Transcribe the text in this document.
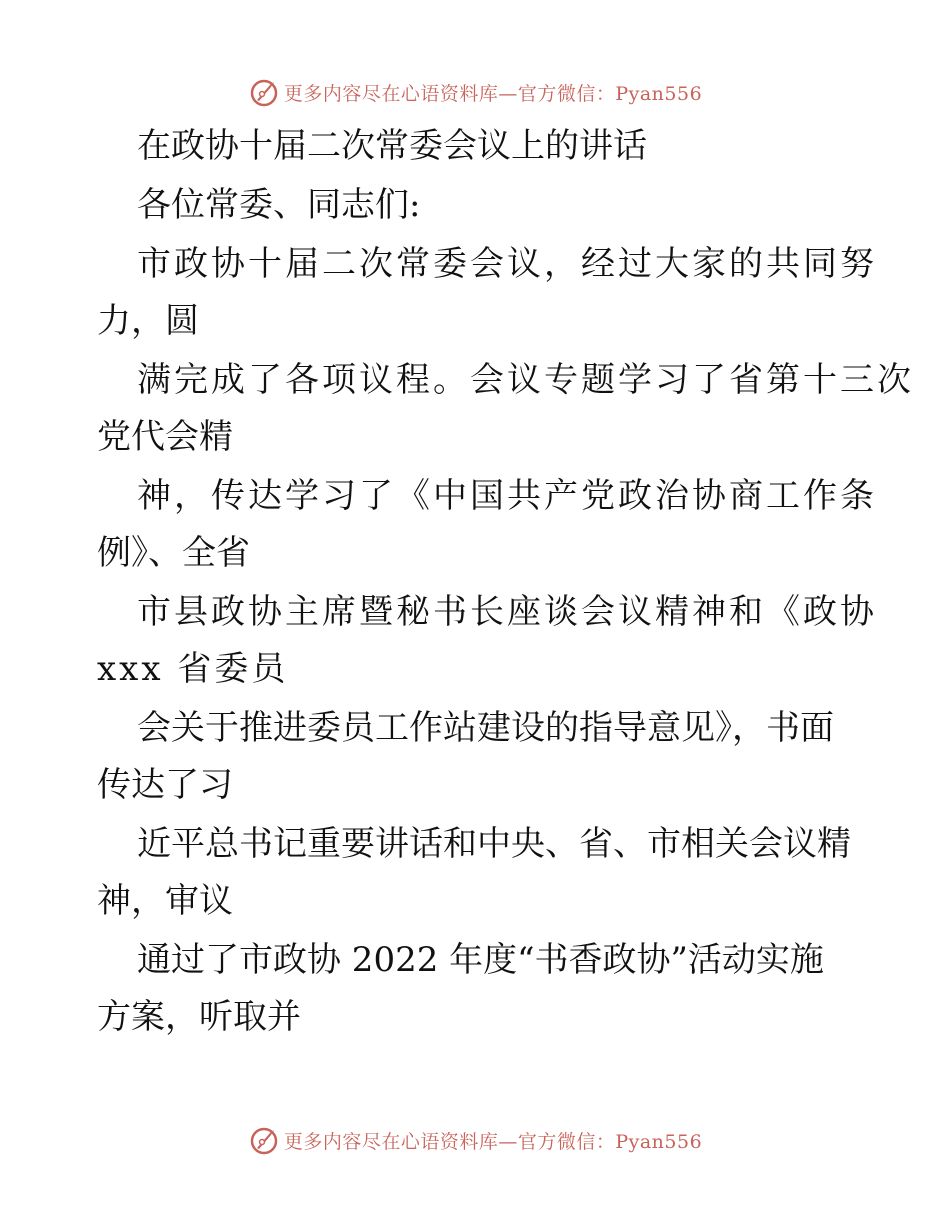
更多内容尽在心语资料库—官方微信：Pyan556
在政协十届二次常委会议上的讲话
各位常委、同志们:
市政协十届二次常委会议，经过大家的共同努
力，圆
满完成了各项议程。会议专题学习了省第十三次
党代会精
神，传达学习了《中国共产党政治协商工作条
例》、全省
市县政协主席暨秘书长座谈会议精神和《政协
xxx 省委员
会关于推进委员工作站建设的指导意见》，书面
传达了习
近平总书记重要讲话和中央、省、市相关会议精
神，审议
通过了市政协 2022 年度“书香政协”活动实施
方案，听取并
更多内容尽在心语资料库—官方微信：Pyan556
